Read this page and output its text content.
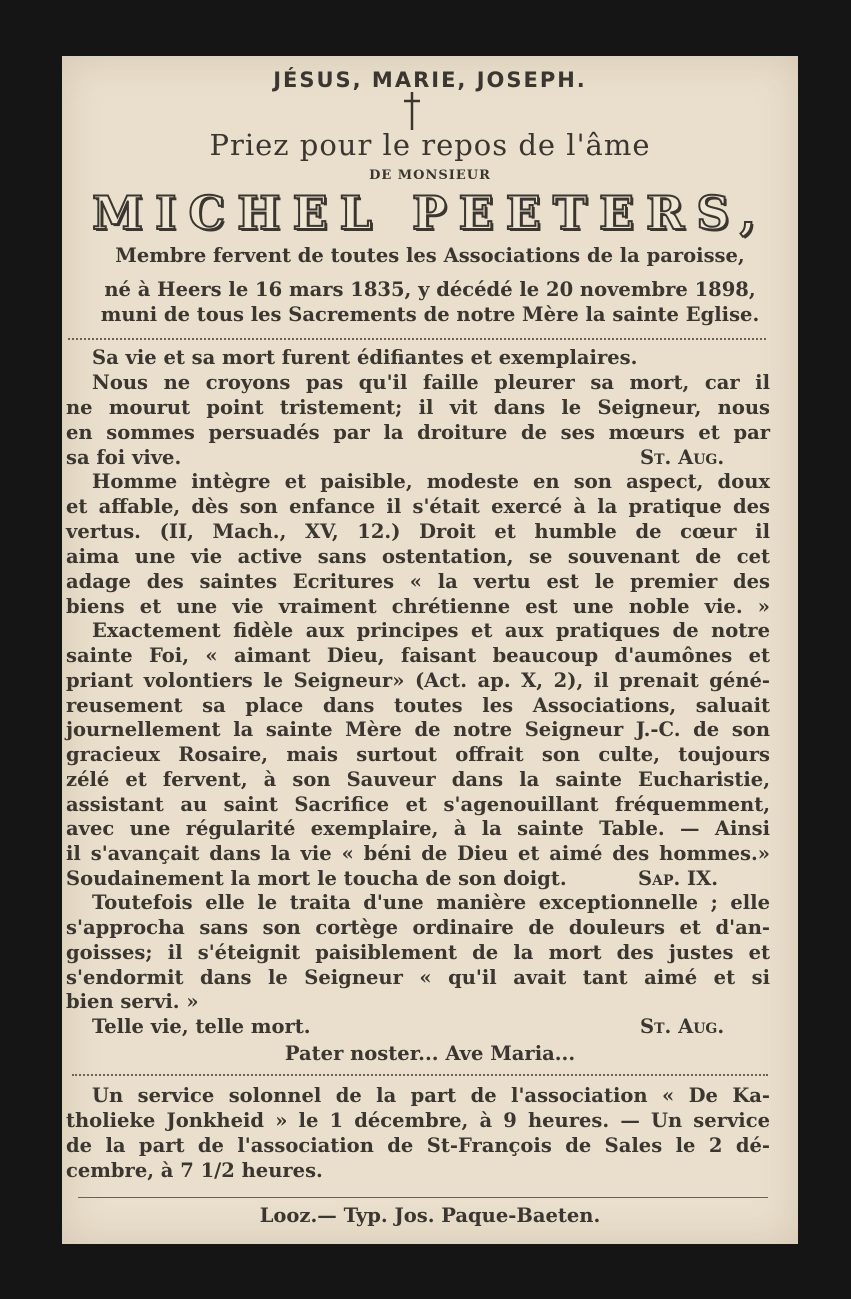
JÉSUS, MARIE, JOSEPH.
Priez pour le repos de l'âme
DE MONSIEUR
MICHEL PEETERS,
Membre fervent de toutes les Associations de la paroisse,
né à Heers le 16 mars 1835, y décédé le 20 novembre 1898,
muni de tous les Sacrements de notre Mère la sainte Eglise.
Sa vie et sa mort furent édifiantes et exemplaires.
Nous ne croyons pas qu'il faille pleurer sa mort, car il
ne mourut point tristement; il vit dans le Seigneur, nous
en sommes persuadés par la droiture de ses mœurs et par
sa foi vive.	St. Aug.
Homme intègre et paisible, modeste en son aspect, doux
et affable, dès son enfance il s'était exercé à la pratique des
vertus. (II, Mach., XV, 12.) Droit et humble de cœur il
aima une vie active sans ostentation, se souvenant de cet
adage des saintes Ecritures « la vertu est le premier des
biens et une vie vraiment chrétienne est une noble vie. »
Exactement fidèle aux principes et aux pratiques de notre
sainte Foi, « aimant Dieu, faisant beaucoup d'aumônes et
priant volontiers le Seigneur» (Act. ap. X, 2), il prenait géné-
reusement sa place dans toutes les Associations, saluait
journellement la sainte Mère de notre Seigneur J.-C. de son
gracieux Rosaire, mais surtout offrait son culte, toujours
zélé et fervent, à son Sauveur dans la sainte Eucharistie,
assistant au saint Sacrifice et s'agenouillant fréquemment,
avec une régularité exemplaire, à la sainte Table. — Ainsi
il s'avançait dans la vie « béni de Dieu et aimé des hommes.»
Soudainement la mort le toucha de son doigt.	Sap. IX.
Toutefois elle le traita d'une manière exceptionnelle ; elle
s'approcha sans son cortège ordinaire de douleurs et d'an-
goisses; il s'éteignit paisiblement de la mort des justes et
s'endormit dans le Seigneur « qu'il avait tant aimé et si
bien servi. »
Telle vie, telle mort.	St. Aug.
Pater noster... Ave Maria...
Un service solonnel de la part de l'association « De Ka-
tholieke Jonkheid » le 1 décembre, à 9 heures. — Un service
de la part de l'association de St-François de Sales le 2 dé-
cembre, à 7 1/2 heures.
Looz.— Typ. Jos. Paque-Baeten.
